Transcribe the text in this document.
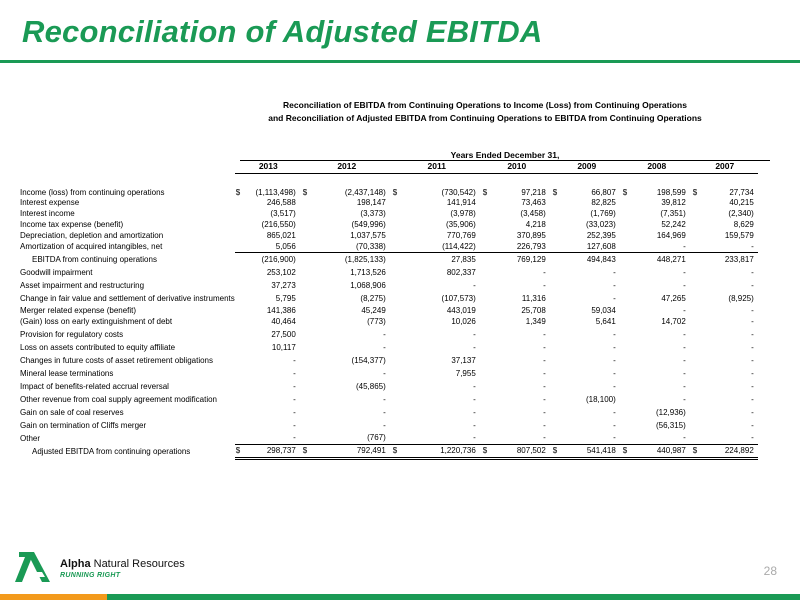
Reconciliation of Adjusted EBITDA
Reconciliation of EBITDA from Continuing Operations to Income (Loss) from Continuing Operations
and Reconciliation of Adjusted EBITDA from Continuing Operations to EBITDA from Continuing Operations
Years Ended December 31,
	2013		2012		2011		2010		2009		2008		2007	
Income (loss) from continuing operations	$	(1,113,498)	$	(2,437,148)	$	(730,542)	$	97,218	$	66,807	$	198,599	$	27,734
Interest expense		246,588		198,147		141,914		73,463		82,825		39,812		40,215
Interest income		(3,517)		(3,373)		(3,978)		(3,458)		(1,769)		(7,351)		(2,340)
Income tax expense (benefit)		(216,550)		(549,996)		(35,906)		4,218		(33,023)		52,242		8,629
Depreciation, depletion and amortization		865,021		1,037,575		770,769		370,895		252,395		164,969		159,579
Amortization of acquired intangibles, net		5,056		(70,338)		(114,422)		226,793		127,608		-		-
EBITDA from continuing operations		(216,900)		(1,825,133)		27,835		769,129		494,843		448,271		233,817
Goodwill impairment		253,102		1,713,526		802,337		-		-		-		-
Asset impairment and restructuring		37,273		1,068,906		-		-		-		-		-
Change in fair value and settlement of derivative instruments		5,795		(8,275)		(107,573)		11,316		-		47,265		(8,925)
Merger related expense (benefit)		141,386		45,249		443,019		25,708		59,034		-		-
(Gain) loss on early extinguishment of debt		40,464		(773)		10,026		1,349		5,641		14,702		-
Provision for regulatory costs		27,500		-		-		-		-		-		-
Loss on assets contributed to equity affiliate		10,117		-		-		-		-		-		-
Changes in future costs of asset retirement obligations		-		(154,377)		37,137		-		-		-		-
Mineral lease terminations		-		-		7,955		-		-		-		-
Impact of benefits-related accrual reversal		-		(45,865)		-		-		-		-		-
Other revenue from coal supply agreement modification		-		-		-		-		(18,100)		-		-
Gain on sale of coal reserves		-		-		-		-		-		(12,936)		-
Gain on termination of Cliffs merger		-		-		-		-		-		(56,315)		-
Other		-		(767)		-		-		-		-		-
Adjusted EBITDA from continuing operations	$	298,737	$	792,491	$	1,220,736	$	807,502	$	541,418	$	440,987	$	224,892
Alpha Natural Resources
RUNNING RIGHT	28
